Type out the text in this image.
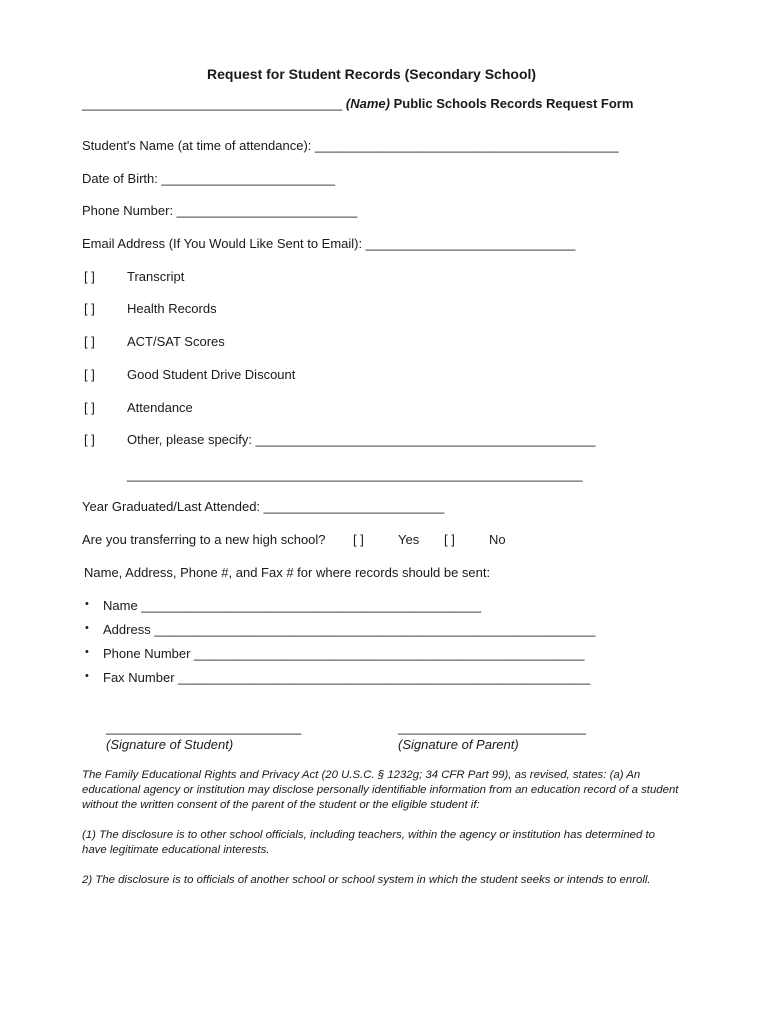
Request for Student Records (Secondary School)
____________________________________ (Name) Public Schools Records Request Form
Student's Name (at time of attendance): __________________________________________
Date of Birth: ________________________
Phone Number: _________________________
Email Address (If You Would Like Sent to Email): _____________________________
[ ] Transcript
[ ] Health Records
[ ] ACT/SAT Scores
[ ] Good Student Drive Discount
[ ] Attendance
[ ] Other, please specify: _______________________________________________
_______________________________________________________________
Year Graduated/Last Attended: _________________________
Are you transferring to a new high school? [ ]	Yes [ ]	No
Name, Address, Phone #, and Fax # for where records should be sent:
• Name _______________________________________________
• Address _____________________________________________________________
• Phone Number ______________________________________________________
• Fax Number _________________________________________________________
___________________________
(Signature of Student)
__________________________
(Signature of Parent)
The Family Educational Rights and Privacy Act (20 U.S.C. § 1232g; 34 CFR Part 99), as revised, states: (a) An educational agency or institution may disclose personally identifiable information from an education record of a student without the written consent of the parent of the student or the eligible student if:
(1) The disclosure is to other school officials, including teachers, within the agency or institution has determined to have legitimate educational interests.
2) The disclosure is to officials of another school or school system in which the student seeks or intends to enroll.
